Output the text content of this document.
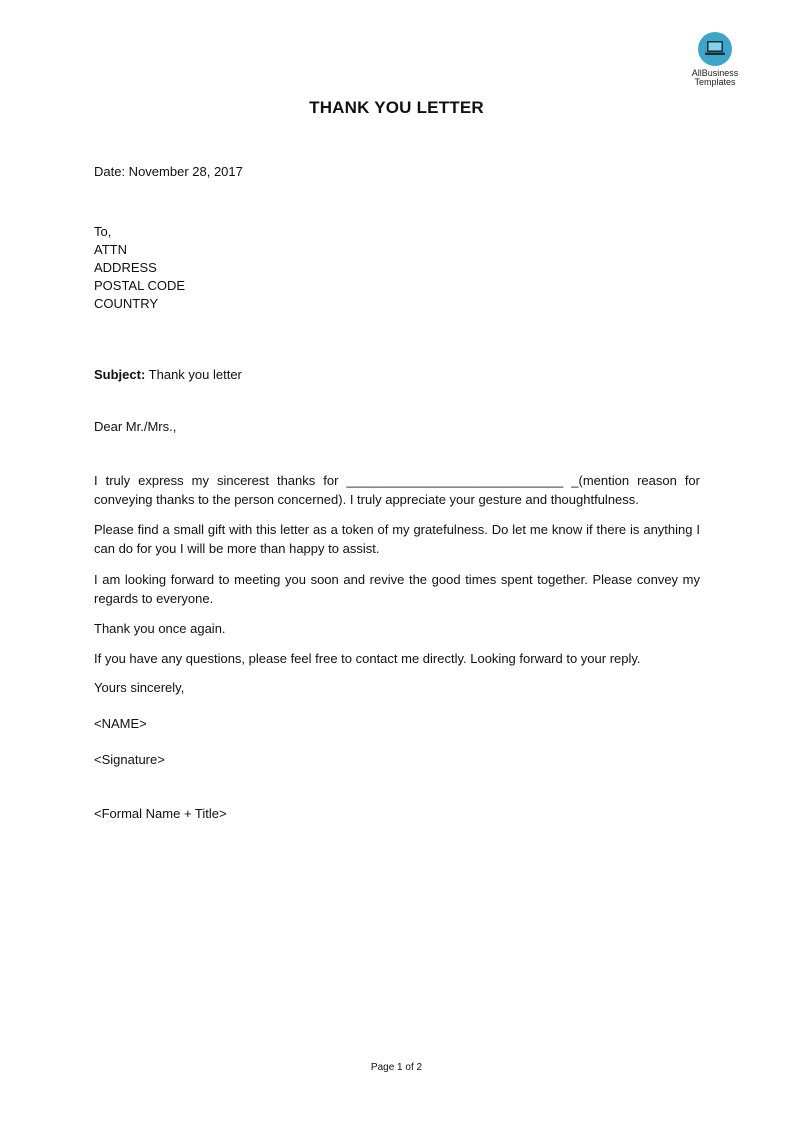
AllBusiness
Templates
THANK YOU LETTER
Date: November 28, 2017
To,
ATTN
ADDRESS
POSTAL CODE
COUNTRY
Subject: Thank you letter
Dear Mr./Mrs.,
I truly express my sincerest thanks for ______________________________ _(mention reason for conveying thanks to the person concerned). I truly appreciate your gesture and thoughtfulness.
Please find a small gift with this letter as a token of my gratefulness. Do let me know if there is anything I can do for you I will be more than happy to assist.
I am looking forward to meeting you soon and revive the good times spent together. Please convey my regards to everyone.
Thank you once again.
If you have any questions, please feel free to contact me directly. Looking forward to your reply.
Yours sincerely,
<NAME>
<Signature>
<Formal Name + Title>
Page 1 of 2
